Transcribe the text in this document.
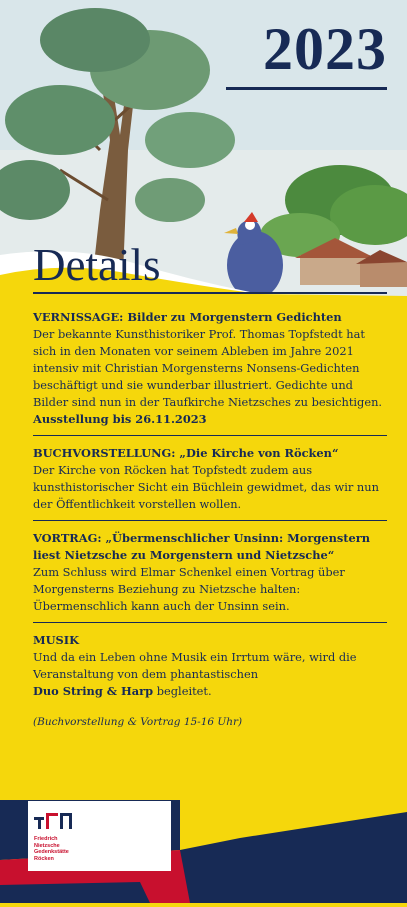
2023
Details
VERNISSAGE: Bilder zu Morgenstern Gedichten
Der bekannte Kunsthistoriker Prof. Thomas Topfstedt hat sich in den Monaten vor seinem Ableben im Jahre 2021 intensiv mit Christian Morgensterns Nonsens-Gedichten beschäftigt und sie wunderbar illustriert. Gedichte und Bilder sind nun in der Taufkirche Nietzsches zu besichtigen.
Ausstellung bis 26.11.2023
BUCHVORSTELLUNG: „Die Kirche von Röcken“
Der Kirche von Röcken hat Topfstedt zudem aus kunsthistorischer Sicht ein Büchlein gewidmet, das wir nun der Öffentlichkeit vorstellen wollen.
VORTRAG: „Übermenschlicher Unsinn: Morgenstern liest Nietzsche zu Morgenstern und Nietzsche“
Zum Schluss wird Elmar Schenkel einen Vortrag über Morgensterns Beziehung zu Nietzsche halten: Übermenschlich kann auch der Unsinn sein.
MUSIK
Und da ein Leben ohne Musik ein Irrtum wäre, wird die Veranstaltung von dem phantastischen
Duo String & Harp begleitet.
(Buchvorstellung & Vortrag 15-16 Uhr)
Friedrich
Nietzsche
Gedenkstätte
Röcken
